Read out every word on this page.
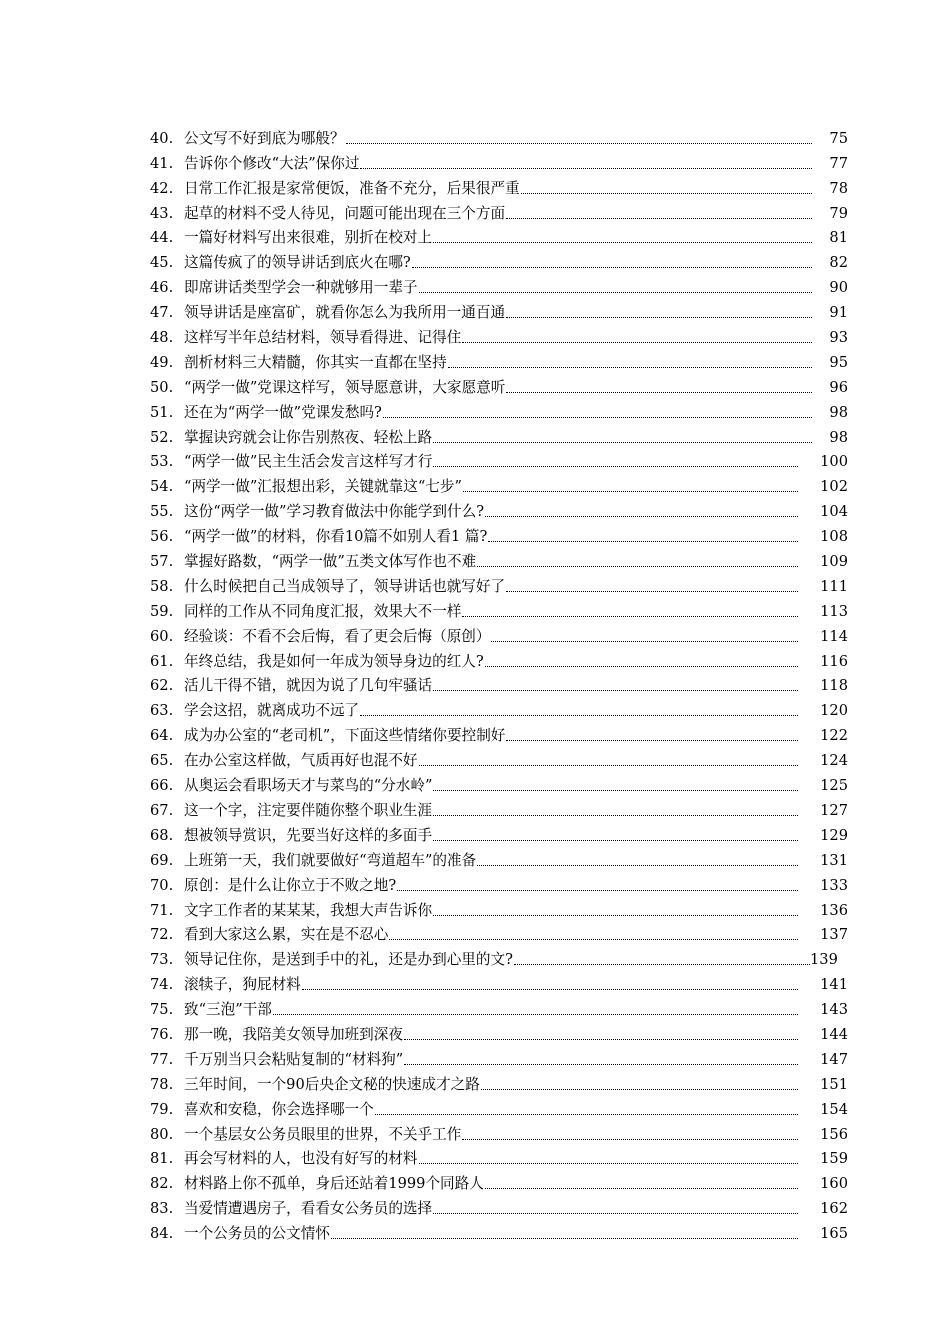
40. 公文写不好到底为哪般？	75
41. 告诉你个修改“大法”保你过	77
42. 日常工作汇报是家常便饭，准备不充分，后果很严重	78
43. 起草的材料不受人待见，问题可能出现在三个方面	79
44. 一篇好材料写出来很难，别折在校对上	81
45. 这篇传疯了的领导讲话到底火在哪?	82
46. 即席讲话类型学会一种就够用一辈子	90
47. 领导讲话是座富矿，就看你怎么为我所用一通百通	91
48. 这样写半年总结材料，领导看得进、记得住	93
49. 剖析材料三大精髓，你其实一直都在坚持	95
50. “两学一做”党课这样写，领导愿意讲，大家愿意听	96
51. 还在为“两学一做”党课发愁吗?	98
52. 掌握诀窍就会让你告别熬夜、轻松上路	98
53. “两学一做”民主生活会发言这样写才行	100
54. “两学一做”汇报想出彩，关键就靠这“七步”	102
55. 这份“两学一做”学习教育做法中你能学到什么?	104
56. “两学一做”的材料，你看10篇不如别人看1 篇?	108
57. 掌握好路数，“两学一做”五类文体写作也不难	109
58. 什么时候把自己当成领导了，领导讲话也就写好了	111
59. 同样的工作从不同角度汇报，效果大不一样	113
60. 经验谈：不看不会后悔，看了更会后悔（原创）	114
61. 年终总结，我是如何一年成为领导身边的红人?	116
62. 活儿干得不错，就因为说了几句牢骚话	118
63. 学会这招，就离成功不远了	120
64. 成为办公室的“老司机”，下面这些情绪你要控制好	122
65. 在办公室这样做，气质再好也混不好	124
66. 从奥运会看职场天才与菜鸟的“分水岭”	125
67. 这一个字，注定要伴随你整个职业生涯	127
68. 想被领导赏识，先要当好这样的多面手	129
69. 上班第一天，我们就要做好“弯道超车”的准备	131
70. 原创：是什么让你立于不败之地?	133
71. 文字工作者的某某某，我想大声告诉你	136
72. 看到大家这么累，实在是不忍心	137
73. 领导记住你，是送到手中的礼，还是办到心里的文?	139
74. 滚犊子，狗屁材料	141
75. 致“三泡”干部	143
76. 那一晚，我陪美女领导加班到深夜	144
77. 千万别当只会粘贴复制的“材料狗”	147
78. 三年时间，一个90后央企文秘的快速成才之路	151
79. 喜欢和安稳，你会选择哪一个	154
80. 一个基层女公务员眼里的世界，不关乎工作	156
81. 再会写材料的人，也没有好写的材料	159
82. 材料路上你不孤单，身后还站着1999个同路人	160
83. 当爱情遭遇房子，看看女公务员的选择	162
84. 一个公务员的公文情怀	165
